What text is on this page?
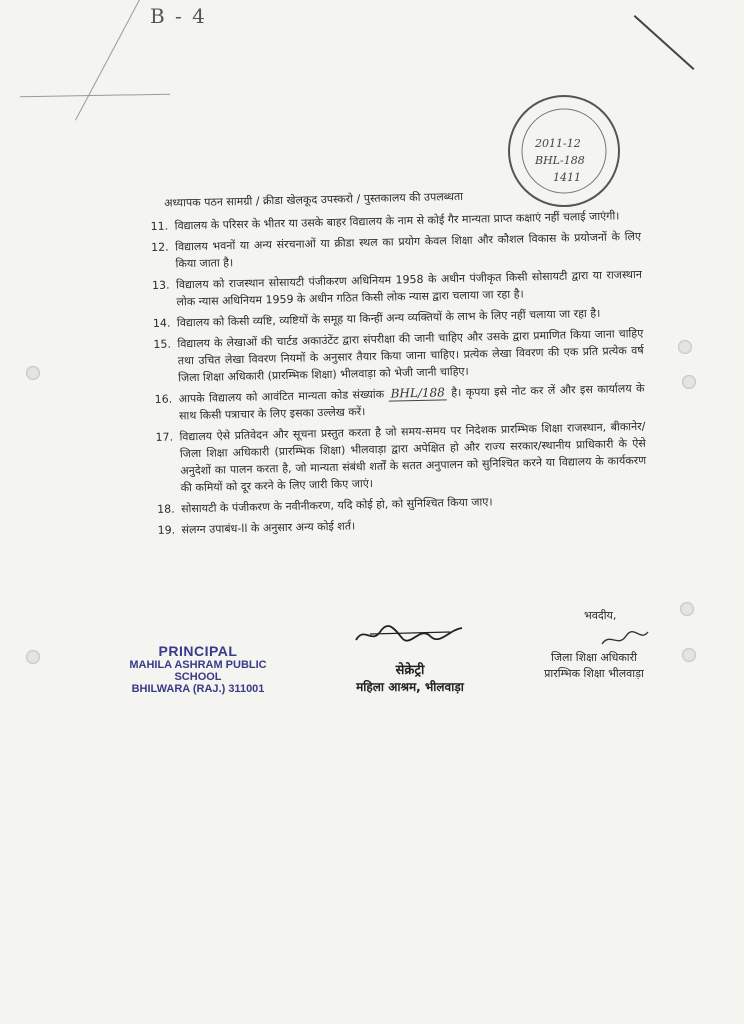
B - 4
2011-12
BHL-188
1411
अध्यापक पठन सामग्री / क्रीडा खेलकूद उपस्करो / पुस्तकालय की उपलब्धता
11. विद्यालय के परिसर के भीतर या उसके बाहर विद्यालय के नाम से कोई गैर मान्यता प्राप्त कक्षाएं नहीं चलाई जाएंगी।
12. विद्यालय भवनों या अन्य संरचनाओं या क्रीडा स्थल का प्रयोग केवल शिक्षा और कौशल विकास के प्रयोजनों के लिए किया जाता है।
13. विद्यालय को राजस्थान सोसायटी पंजीकरण अधिनियम 1958 के अधीन पंजीकृत किसी सोसायटी द्वारा या राजस्थान लोक न्यास अधिनियम 1959 के अधीन गठित किसी लोक न्यास द्वारा चलाया जा रहा है।
14. विद्यालय को किसी व्यष्टि, व्यष्टियों के समूह या किन्हीं अन्य व्यक्तियों के लाभ के लिए नहीं चलाया जा रहा है।
15. विद्यालय के लेखाओं की चार्टड अकाउंटेंट द्वारा संपरीक्षा की जानी चाहिए और उसके द्वारा प्रमाणित किया जाना चाहिए तथा उचित लेखा विवरण नियमों के अनुसार तैयार किया जाना चाहिए। प्रत्येक लेखा विवरण की एक प्रति प्रत्येक वर्ष जिला शिक्षा अधिकारी (प्रारम्भिक शिक्षा) भीलवाड़ा को भेजी जानी चाहिए।
16. आपके विद्यालय को आवंटित मान्यता कोड संख्यांक BHL/188 है। कृपया इसे नोट कर लें और इस कार्यालय के साथ किसी पत्राचार के लिए इसका उल्लेख करें।
17. विद्यालय ऐसे प्रतिवेदन और सूचना प्रस्तुत करता है जो समय-समय पर निदेशक प्रारम्भिक शिक्षा राजस्थान, बीकानेर/जिला शिक्षा अधिकारी (प्रारम्भिक शिक्षा) भीलवाड़ा द्वारा अपेक्षित हो और राज्य सरकार/स्थानीय प्राधिकारी के ऐसे अनुदेशों का पालन करता है, जो मान्यता संबंधी शर्तों के सतत अनुपालन को सुनिश्चित करने या विद्यालय के कार्यकरण की कमियों को दूर करने के लिए जारी किए जाएं।
18. सोसायटी के पंजीकरण के नवीनीकरण, यदि कोई हो, को सुनिश्चित किया जाए।
19. संलग्न उपाबंध-ll के अनुसार अन्य कोई शर्त।
भवदीय,
जिला शिक्षा अधिकारी
प्रारम्भिक शिक्षा भीलवाड़ा
PRINCIPAL
MAHILA ASHRAM PUBLIC SCHOOL
BHILWARA (RAJ.) 311001
सेक्रेट्री
महिला आश्रम, भीलवाड़ा
